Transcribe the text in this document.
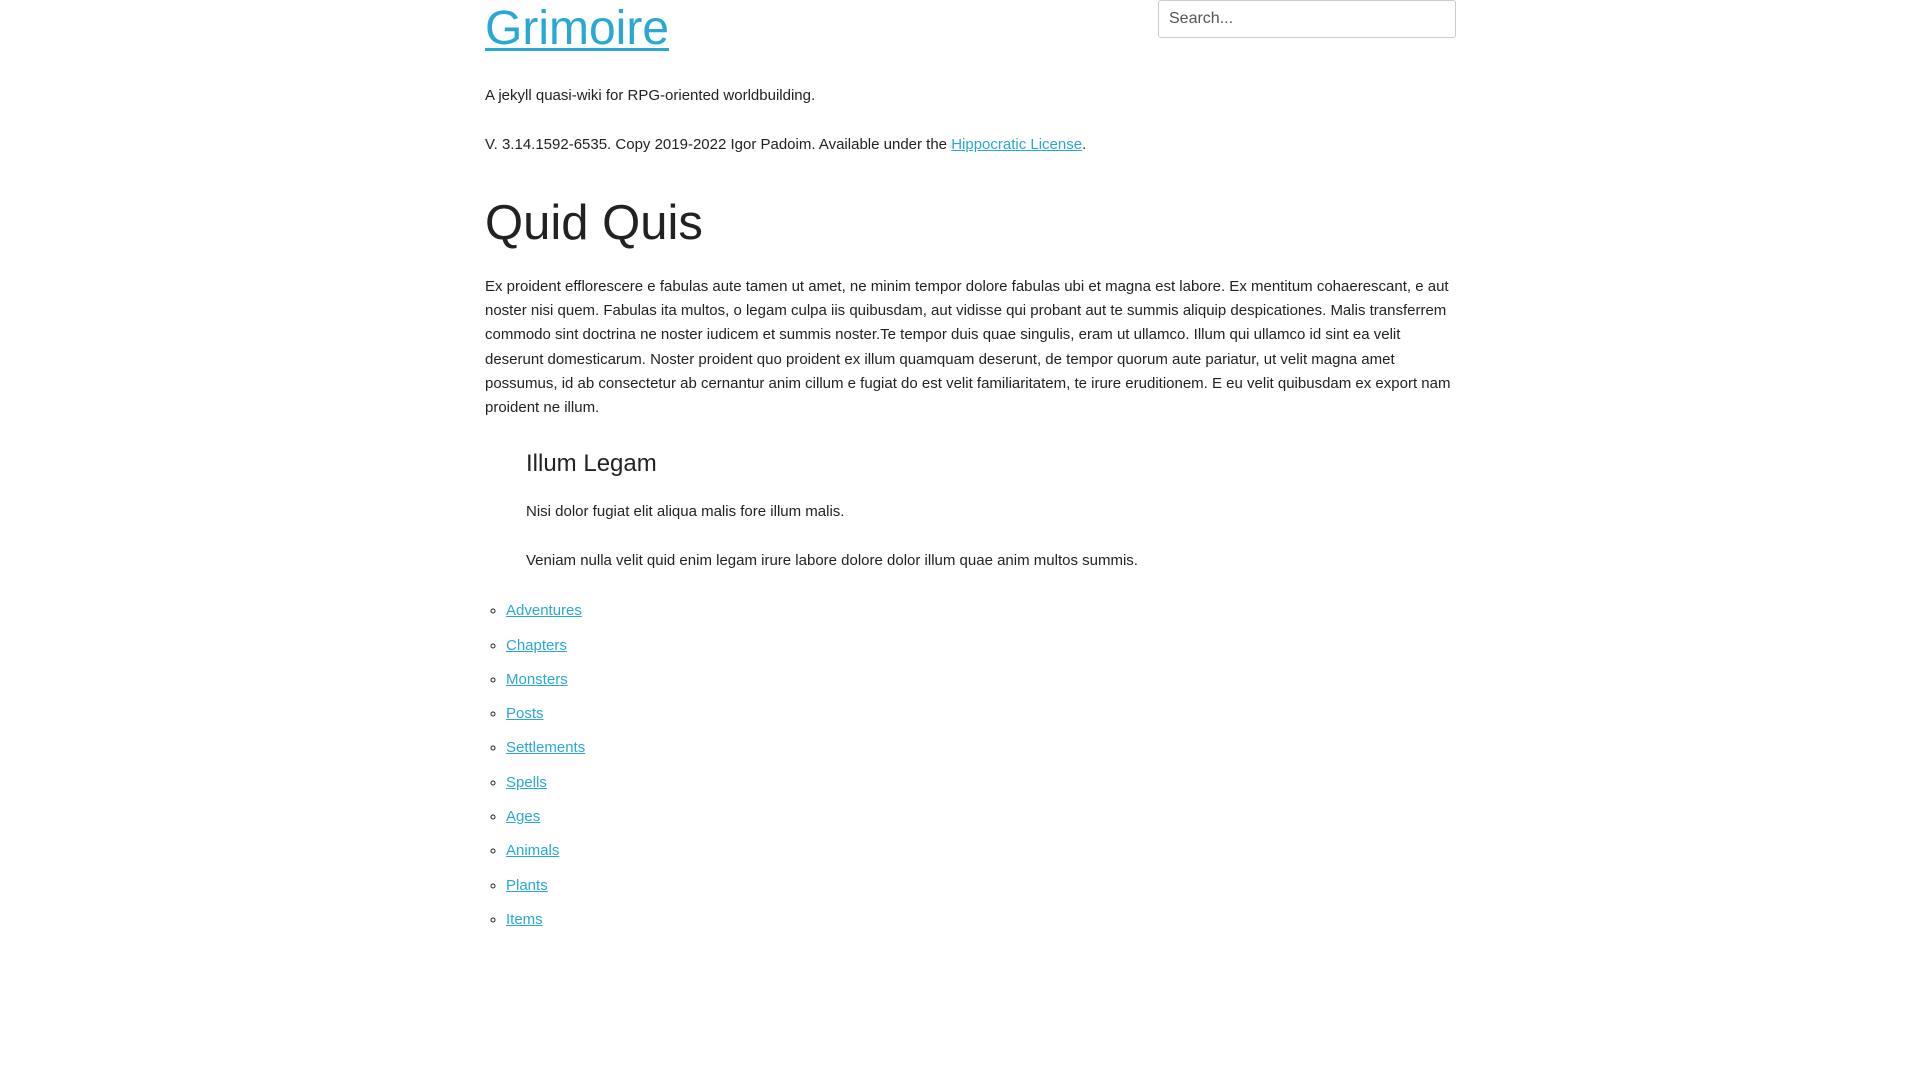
Grimoire
Search...

A jekyll quasi-wiki for RPG-oriented worldbuilding.

V. 3.14.1592-6535. Copy 2019-2022 Igor Padoim. Available under the Hippocratic License.

Quid Quis

Ex proident efflorescere e fabulas aute tamen ut amet, ne minim tempor dolore fabulas ubi et magna est labore. Ex mentitum cohaerescant, e aut noster nisi quem. Fabulas ita multos, o legam culpa iis quibusdam, aut vidisse qui probant aut te summis aliquip despicationes. Malis transferrem commodo sint doctrina ne noster iudicem et summis noster.Te tempor duis quae singulis, eram ut ullamco. Illum qui ullamco id sint ea velit deserunt domesticarum. Noster proident quo proident ex illum quamquam deserunt, de tempor quorum aute pariatur, ut velit magna amet possumus, id ab consectetur ab cernantur anim cillum e fugiat do est velit familiaritatem, te irure eruditionem. E eu velit quibusdam ex export nam proident ne illum.

Illum Legam

Nisi dolor fugiat elit aliqua malis fore illum malis.

Veniam nulla velit quid enim legam irure labore dolore dolor illum quae anim multos summis.

◦ Adventures
◦ Chapters
◦ Monsters
◦ Posts
◦ Settlements
◦ Spells
◦ Ages
◦ Animals
◦ Plants
◦ Items
